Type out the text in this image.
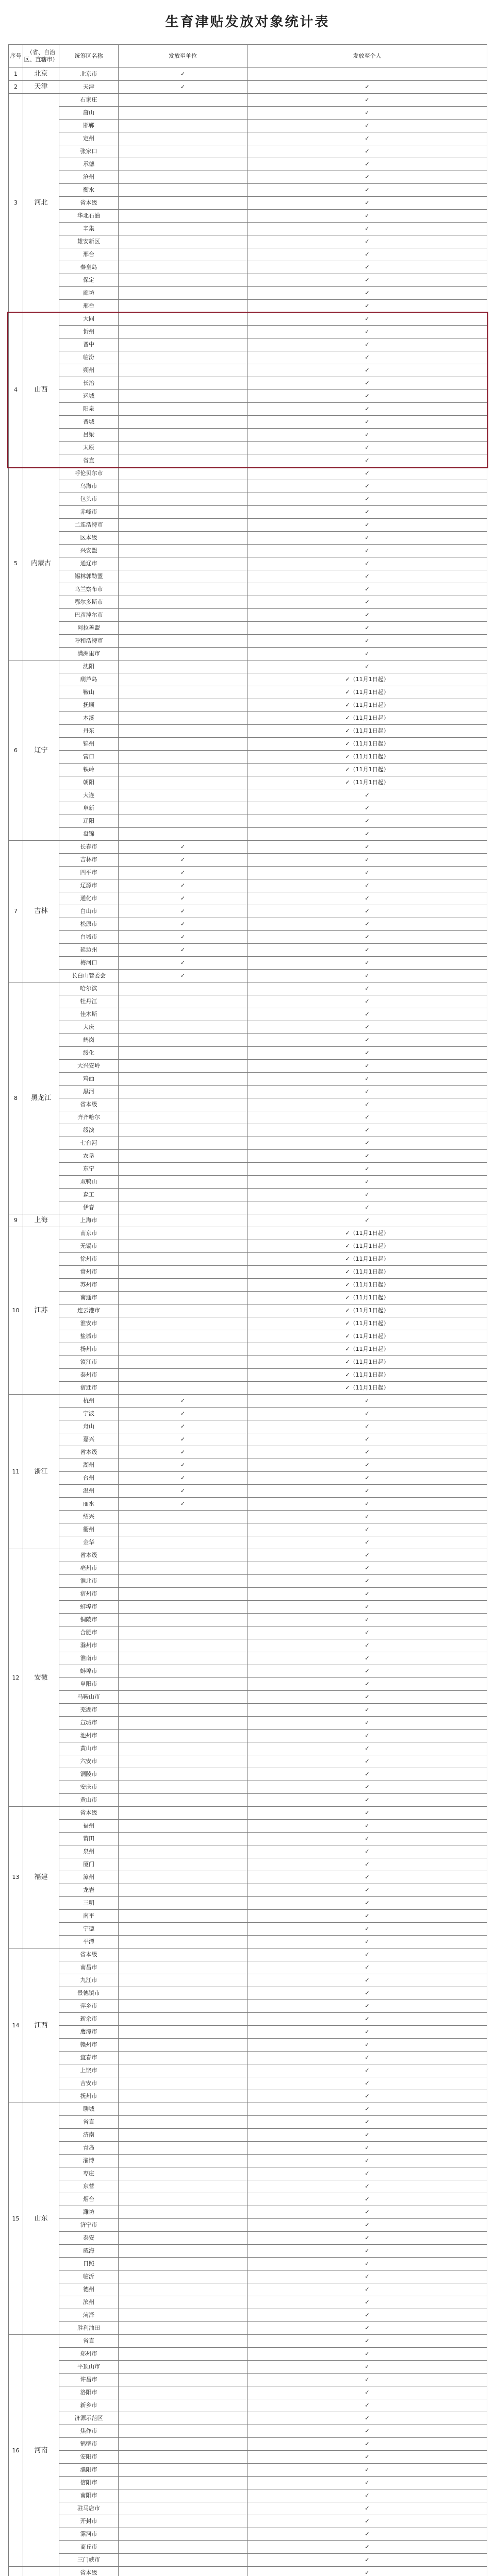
生育津贴发放对象统计表
序号	（省、自治区、直辖市）	统筹区名称	发放至单位	发放至个人
1	北京	北京市	✓	
2	天津	天津	✓	✓
3	河北	石家庄		✓
		唐山		✓
		邯郸		✓
		定州		✓
		张家口		✓
		承德		✓
		沧州		✓
		衡水		✓
		省本级		✓
		华北石油		✓
		辛集		✓
		雄安新区		✓
		邢台		✓
		秦皇岛		✓
		保定		✓
		廊坊		✓
		邢台		✓
4	山西	大同		✓
		忻州		✓
		晋中		✓
		临汾		✓
		朔州		✓
		长治		✓
		运城		✓
		阳泉		✓
		晋城		✓
		吕梁		✓
		太原		✓
		省直		✓
5	内蒙古	呼伦贝尔市		✓
		乌海市		✓
		包头市		✓
		赤峰市		✓
		二连浩特市		✓
		区本级		✓
		兴安盟		✓
		通辽市		✓
		锡林郭勒盟		✓
		乌兰察布市		✓
		鄂尔多斯市		✓
		巴彦淖尔市		✓
		阿拉善盟		✓
		呼和浩特市		✓
		满洲里市		✓
6	辽宁	沈阳		✓
		葫芦岛		✓（11月1日起）
		鞍山		✓（11月1日起）
		抚顺		✓（11月1日起）
		本溪		✓（11月1日起）
		丹东		✓（11月1日起）
		锦州		✓（11月1日起）
		营口		✓（11月1日起）
		铁岭		✓（11月1日起）
		朝阳		✓（11月1日起）
		大连		✓
		阜新		✓
		辽阳		✓
		盘锦		✓
7	吉林	长春市	✓	✓
		吉林市	✓	✓
		四平市	✓	✓
		辽源市	✓	✓
		通化市	✓	✓
		白山市	✓	✓
		松原市	✓	✓
		白城市	✓	✓
		延边州	✓	✓
		梅河口	✓	✓
		长白山管委会	✓	✓
8	黑龙江	哈尔滨		✓
		牡丹江		✓
		佳木斯		✓
		大庆		✓
		鹤岗		✓
		绥化		✓
		大兴安岭		✓
		鸡西		✓
		黑河		✓
		省本级		✓
		齐齐哈尔		✓
		绥滨		✓
		七台河		✓
		农垦		✓
		东宁		✓
		双鸭山		✓
		森工		✓
		伊春		✓
9	上海	上海市		✓
10	江苏	南京市		✓（11月1日起）
		无锡市		✓（11月1日起）
		徐州市		✓（11月1日起）
		常州市		✓（11月1日起）
		苏州市		✓（11月1日起）
		南通市		✓（11月1日起）
		连云港市		✓（11月1日起）
		淮安市		✓（11月1日起）
		盐城市		✓（11月1日起）
		扬州市		✓（11月1日起）
		镇江市		✓（11月1日起）
		泰州市		✓（11月1日起）
		宿迁市		✓（11月1日起）
11	浙江	杭州	✓	✓
		宁波	✓	✓
		舟山	✓	✓
		嘉兴	✓	✓
		省本级	✓	✓
		湖州	✓	✓
		台州	✓	✓
		温州	✓	✓
		丽水	✓	✓
		绍兴		✓
		衢州		✓
		金华		✓
12	安徽	省本级		✓
		亳州市		✓
		淮北市		✓
		宿州市		✓
		蚌埠市		✓
		铜陵市		✓
		合肥市		✓
		滁州市		✓
		淮南市		✓
		蚌埠市		✓
		阜阳市		✓
		马鞍山市		✓
		芜湖市		✓
		宣城市		✓
		池州市		✓
		黄山市		✓
		六安市		✓
		铜陵市		✓
		安庆市		✓
		黄山市		✓
13	福建	省本级		✓
		福州		✓
		莆田		✓
		泉州		✓
		厦门		✓
		漳州		✓
		龙岩		✓
		三明		✓
		南平		✓
		宁德		✓
		平潭		✓
14	江西	省本级		✓
		南昌市		✓
		九江市		✓
		景德镇市		✓
		萍乡市		✓
		新余市		✓
		鹰潭市		✓
		赣州市		✓
		宜春市		✓
		上饶市		✓
		吉安市		✓
		抚州市		✓
15	山东	聊城		✓
		省直		✓
		济南		✓
		青岛		✓
		淄博		✓
		枣庄		✓
		东营		✓
		烟台		✓
		潍坊		✓
		济宁市		✓
		泰安		✓
		威海		✓
		日照		✓
		临沂		✓
		德州		✓
		滨州		✓
		菏泽		✓
		胜利油田		✓
16	河南	省直		✓
		郑州市		✓
		平顶山市		✓
		许昌市		✓
		洛阳市		✓
		新乡市		✓
		济源示范区		✓
		焦作市		✓
		鹤壁市		✓
		安阳市		✓
		濮阳市		✓
		信阳市		✓
		南阳市		✓
		驻马店市		✓
		开封市		✓
		漯河市		✓
		商丘市		✓
		三门峡市		✓
		省本级		✓
